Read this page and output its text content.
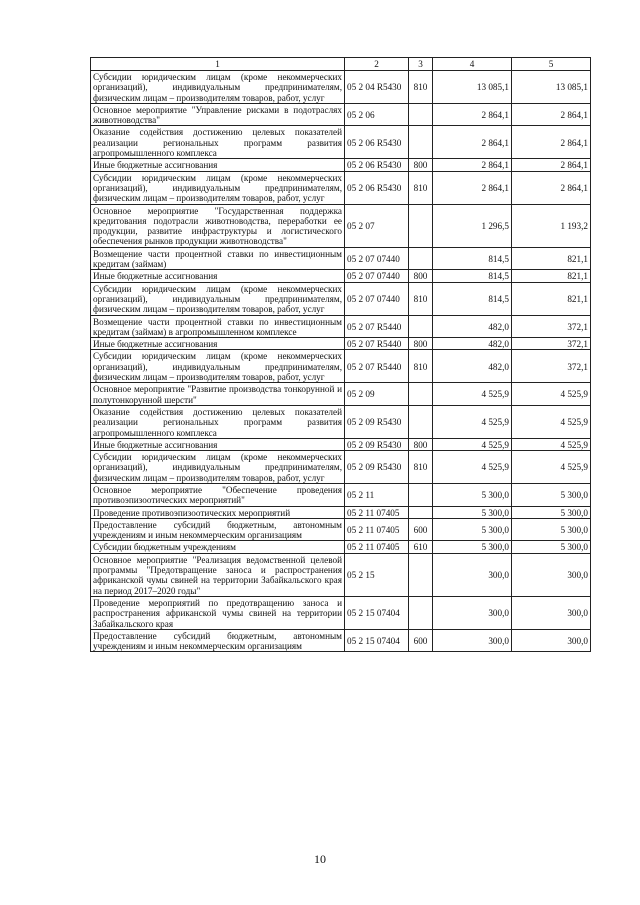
1	2	3	4	5
Субсидии юридическим лицам (кроме некоммерческих организаций), индивидуальным предпринимателям, физическим лицам – производителям товаров, работ, услуг	05 2 04 R5430	810	13 085,1	13 085,1
Основное мероприятие "Управление рисками в подотраслях животноводства"	05 2 06		2 864,1	2 864,1
Оказание содействия достижению целевых показателей реализации региональных программ развития агропромышленного комплекса	05 2 06 R5430		2 864,1	2 864,1
Иные бюджетные ассигнования	05 2 06 R5430	800	2 864,1	2 864,1
Субсидии юридическим лицам (кроме некоммерческих организаций), индивидуальным предпринимателям, физическим лицам – производителям товаров, работ, услуг	05 2 06 R5430	810	2 864,1	2 864,1
Основное мероприятие "Государственная поддержка кредитования подотрасли животноводства, переработки ее продукции, развитие инфраструктуры и логистического обеспечения рынков продукции животноводства"	05 2 07		1 296,5	1 193,2
Возмещение части процентной ставки по инвестиционным кредитам (займам)	05 2 07 07440		814,5	821,1
Иные бюджетные ассигнования	05 2 07 07440	800	814,5	821,1
Субсидии юридическим лицам (кроме некоммерческих организаций), индивидуальным предпринимателям, физическим лицам – производителям товаров, работ, услуг	05 2 07 07440	810	814,5	821,1
Возмещение части процентной ставки по инвестиционным кредитам (займам) в агропромышленном комплексе	05 2 07 R5440		482,0	372,1
Иные бюджетные ассигнования	05 2 07 R5440	800	482,0	372,1
Субсидии юридическим лицам (кроме некоммерческих организаций), индивидуальным предпринимателям, физическим лицам – производителям товаров, работ, услуг	05 2 07 R5440	810	482,0	372,1
Основное мероприятие "Развитие производства тонкорунной и полутонкорунной шерсти"	05 2 09		4 525,9	4 525,9
Оказание содействия достижению целевых показателей реализации региональных программ развития агропромышленного комплекса	05 2 09 R5430		4 525,9	4 525,9
Иные бюджетные ассигнования	05 2 09 R5430	800	4 525,9	4 525,9
Субсидии юридическим лицам (кроме некоммерческих организаций), индивидуальным предпринимателям, физическим лицам – производителям товаров, работ, услуг	05 2 09 R5430	810	4 525,9	4 525,9
Основное мероприятие "Обеспечение проведения противоэпизоотических мероприятий"	05 2 11		5 300,0	5 300,0
Проведение противоэпизоотических мероприятий	05 2 11 07405		5 300,0	5 300,0
Предоставление субсидий бюджетным, автономным учреждениям и иным некоммерческим организациям	05 2 11 07405	600	5 300,0	5 300,0
Субсидии бюджетным учреждениям	05 2 11 07405	610	5 300,0	5 300,0
Основное мероприятие "Реализация ведомственной целевой программы "Предотвращение заноса и распространения африканской чумы свиней на территории Забайкальского края на период 2017–2020 годы"	05 2 15		300,0	300,0
Проведение мероприятий по предотвращению заноса и распространения африканской чумы свиней на территории Забайкальского края	05 2 15 07404		300,0	300,0
Предоставление субсидий бюджетным, автономным учреждениям и иным некоммерческим организациям	05 2 15 07404	600	300,0	300,0
10
